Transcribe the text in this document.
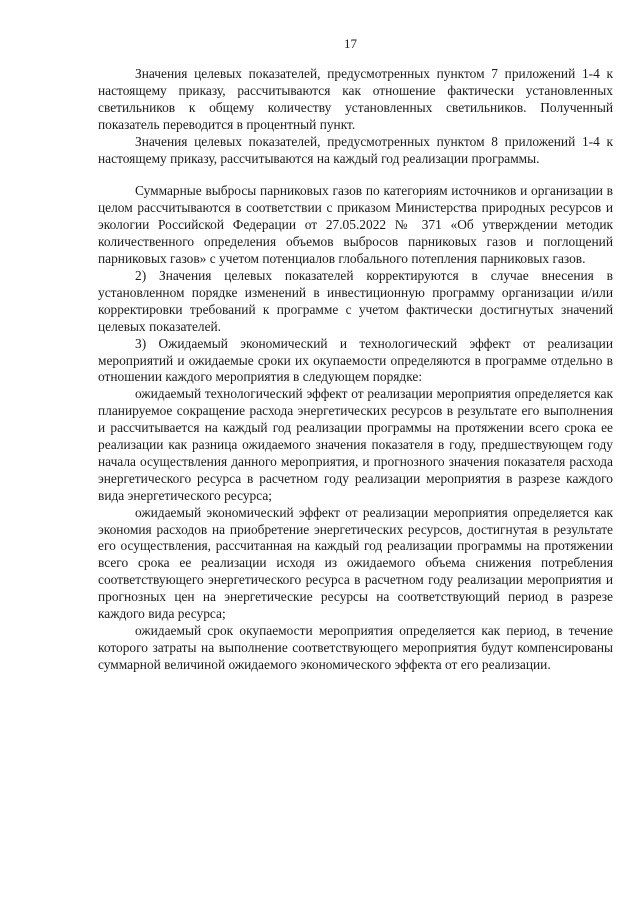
17

Значения целевых показателей, предусмотренных пунктом 7 приложений 1-4 к настоящему приказу, рассчитываются как отношение фактически установленных светильников к общему количеству установленных светильников. Полученный показатель переводится в процентный пункт.

Значения целевых показателей, предусмотренных пунктом 8 приложений 1-4 к настоящему приказу, рассчитываются на каждый год реализации программы.

Суммарные выбросы парниковых газов по категориям источников и организации в целом рассчитываются в соответствии с приказом Министерства природных ресурсов и экологии Российской Федерации от 27.05.2022 № 371 «Об утверждении методик количественного определения объемов выбросов парниковых газов и поглощений парниковых газов» с учетом потенциалов глобального потепления парниковых газов.

2) Значения целевых показателей корректируются в случае внесения в установленном порядке изменений в инвестиционную программу организации и/или корректировки требований к программе с учетом фактически достигнутых значений целевых показателей.

3) Ожидаемый экономический и технологический эффект от реализации мероприятий и ожидаемые сроки их окупаемости определяются в программе отдельно в отношении каждого мероприятия в следующем порядке:

ожидаемый технологический эффект от реализации мероприятия определяется как планируемое сокращение расхода энергетических ресурсов в результате его выполнения и рассчитывается на каждый год реализации программы на протяжении всего срока ее реализации как разница ожидаемого значения показателя в году, предшествующем году начала осуществления данного мероприятия, и прогнозного значения показателя расхода энергетического ресурса в расчетном году реализации мероприятия в разрезе каждого вида энергетического ресурса;

ожидаемый экономический эффект от реализации мероприятия определяется как экономия расходов на приобретение энергетических ресурсов, достигнутая в результате его осуществления, рассчитанная на каждый год реализации программы на протяжении всего срока ее реализации исходя из ожидаемого объема снижения потребления соответствующего энергетического ресурса в расчетном году реализации мероприятия и прогнозных цен на энергетические ресурсы на соответствующий период в разрезе каждого вида ресурса;

ожидаемый срок окупаемости мероприятия определяется как период, в течение которого затраты на выполнение соответствующего мероприятия будут компенсированы суммарной величиной ожидаемого экономического эффекта от его реализации.
